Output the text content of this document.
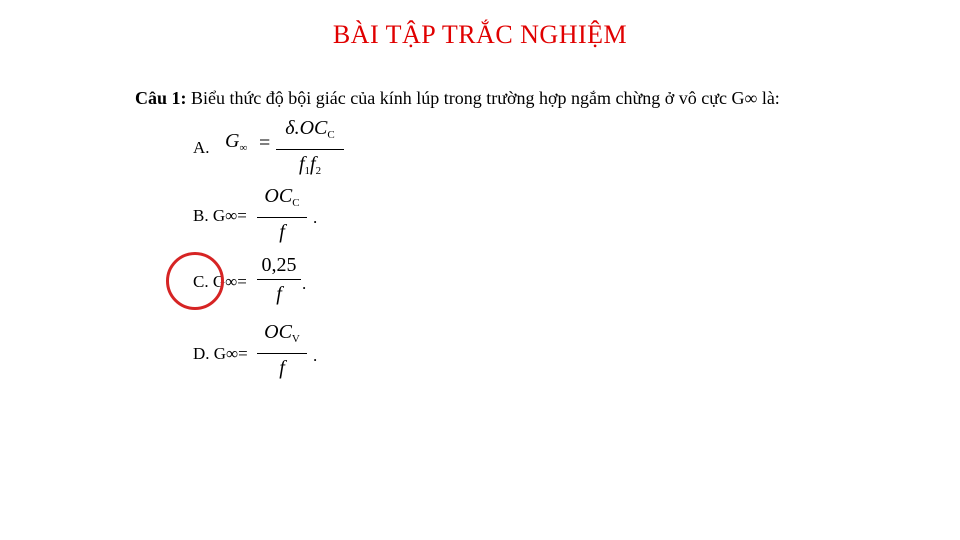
BÀI TẬP TRẮC NGHIỆM
Câu 1: Biểu thức độ bội giác của kính lúp trong trường hợp ngắm chừng ở vô cực G∞ là:
A. $G_\infty$ =
$\delta.OC_C$
$f_1f_2$
B. G∞=
$OC_C$
f
.
C. G∞=
0,25
f	.
D. G∞=
$OC_V$
f
.
